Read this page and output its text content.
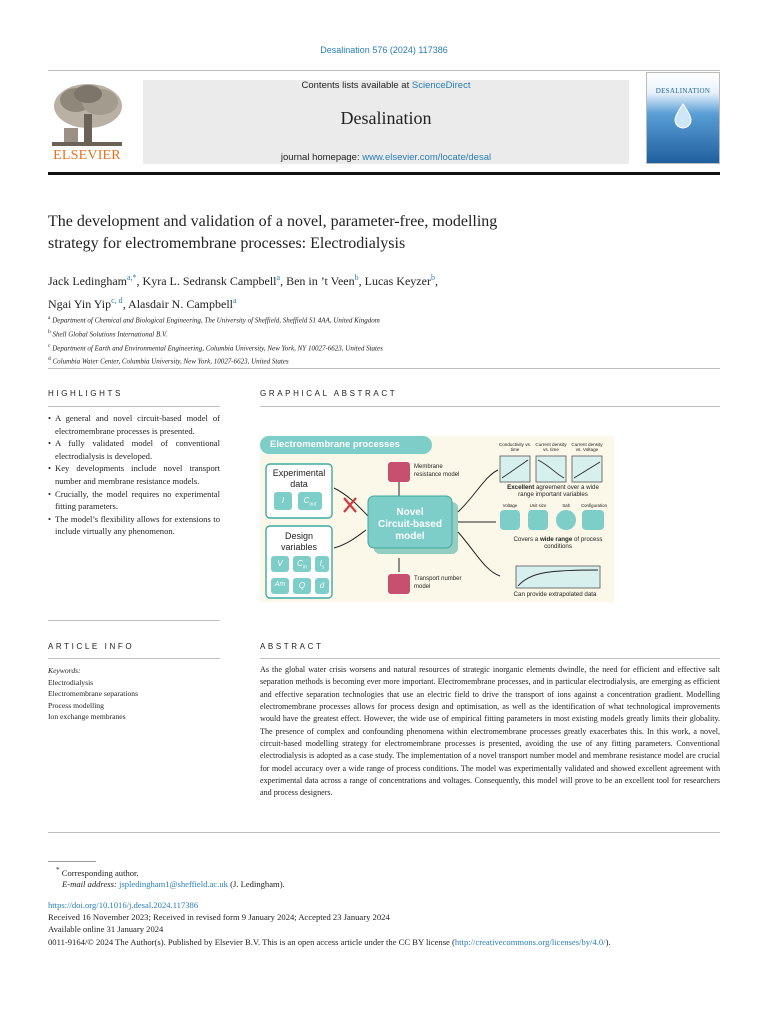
Desalination 576 (2024) 117386
ELSEVIER
Contents lists available at ScienceDirect
Desalination
journal homepage: www.elsevier.com/locate/desal
DESALINATION
The development and validation of a novel, parameter-free, modelling
strategy for electromembrane processes: Electrodialysis
Jack Ledingham$^{a,*}$, Kyra L. Sedransk Campbell$^a$, Ben in ’t Veen$^b$, Lucas Keyzer$^b$,
Ngai Yin Yip$^{c, d}$, Alasdair N. Campbell$^a$
$^a$ Department of Chemical and Biological Engineering, The University of Sheffield, Sheffield S1 4AA, United Kingdom
$^b$ Shell Global Solutions International B.V.
$^c$ Department of Earth and Environmental Engineering, Columbia University, New York, NY 10027-6623, United States
$^d$ Columbia Water Center, Columbia University, New York, 10027-6623, United States
HIGHLIGHTS
• A general and novel circuit-based model of electromembrane processes is presented.
• A fully validated model of conventional electrodialysis is developed.
• Key developments include novel transport number and membrane resistance models.
• Crucially, the model requires no experimental fitting parameters.
• The model’s flexibility allows for extensions to include virtually any phenomenon.
GRAPHICAL ABSTRACT
Electromembrane processes
Experimental data
Design variables
Membrane resistance model
Transport number model
Novel
Circuit-based
model
I	$C_{out}$
V	$C_{in}$	$I_s$
Am	Q	d
Conductivity vs. time
Current density vs. time
Current density vs. Voltage
Excellent agreement over a wide range important variables
Voltage	Unit size	Salt	Configuration
Covers a wide range of process conditions
Can provide extrapolated data
ARTICLE INFO
Keywords:
Electrodialysis
Electromembrane separations
Process modelling
Ion exchange membranes
ABSTRACT
As the global water crisis worsens and natural resources of strategic inorganic elements dwindle, the need for efficient and effective salt separation methods is becoming ever more important. Electromembrane processes, and in particular electrodialysis, are emerging as efficient and effective separation technologies that use an electric field to drive the transport of ions against a concentration gradient. Modelling electromembrane processes allows for process design and optimisation, as well as the identification of what technological improvements would have the greatest effect. However, the wide use of empirical fitting parameters in most existing models greatly limits their globality. The presence of complex and confounding phenomena within electromembrane processes greatly exacerbates this. In this work, a novel, circuit-based modelling strategy for electromembrane processes is presented, avoiding the use of any fitting parameters. Conventional electrodialysis is adopted as a case study. The implementation of a novel transport number model and membrane resistance model are crucial for model accuracy over a wide range of process conditions. The model was experimentally validated and showed excellent agreement with experimental data across a range of concentrations and voltages. Consequently, this model will prove to be an excellent tool for researchers and process designers.
* Corresponding author.
E-mail address: jspledingham1@sheffield.ac.uk (J. Ledingham).
https://doi.org/10.1016/j.desal.2024.117386
Received 16 November 2023; Received in revised form 9 January 2024; Accepted 23 January 2024
Available online 31 January 2024
0011-9164/© 2024 The Author(s). Published by Elsevier B.V. This is an open access article under the CC BY license (http://creativecommons.org/licenses/by/4.0/).
